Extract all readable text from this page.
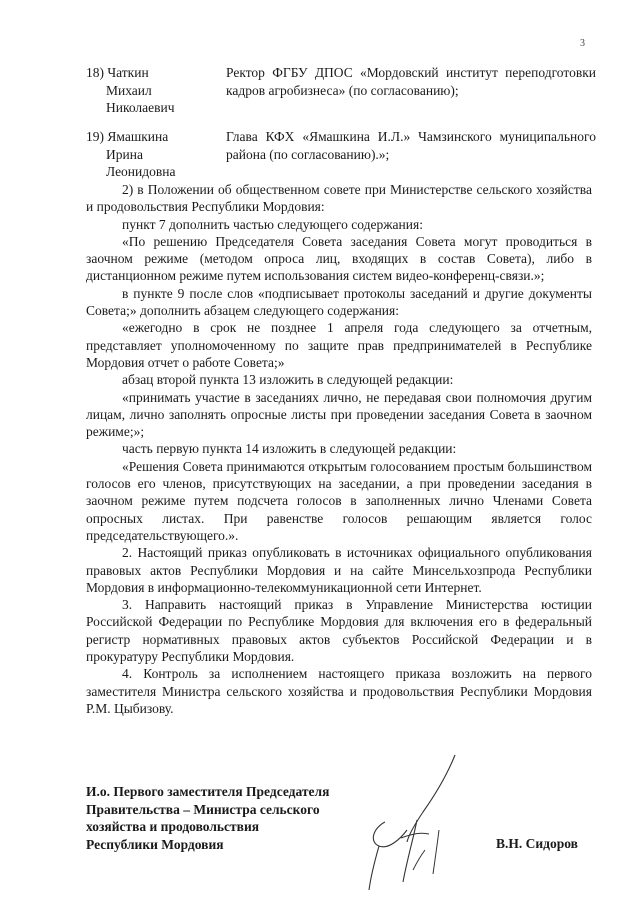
3
18) Чаткин
Михаил
Николаевич
Ректор ФГБУ ДПОС «Мордовский институт переподготовки кадров агробизнеса» (по согласованию);
19) Ямашкина
Ирина
Леонидовна
Глава КФХ «Ямашкина И.Л.» Чамзинского муниципального района (по согласованию).»;

2) в Положении об общественном совете при Министерстве сельского хозяйства и продовольствия Республики Мордовия:

пункт 7 дополнить частью следующего содержания:

«По решению Председателя Совета заседания Совета могут проводиться в заочном режиме (методом опроса лиц, входящих в состав Совета), либо в дистанционном режиме путем использования систем видео-конференц-связи.»;

в пункте 9 после слов «подписывает протоколы заседаний и другие документы Совета;» дополнить абзацем следующего содержания:

«ежегодно в срок не позднее 1 апреля года следующего за отчетным, представляет уполномоченному по защите прав предпринимателей в Республике Мордовия отчет о работе Совета;»

абзац второй пункта 13 изложить в следующей редакции:

«принимать участие в заседаниях лично, не передавая свои полномочия другим лицам, лично заполнять опросные листы при проведении заседания Совета в заочном режиме;»;

часть первую пункта 14 изложить в следующей редакции:

«Решения Совета принимаются открытым голосованием простым большинством голосов его членов, присутствующих на заседании, а при проведении заседания в заочном режиме путем подсчета голосов в заполненных лично Членами Совета опросных листах. При равенстве голосов решающим является голос председательствующего.».

2. Настоящий приказ опубликовать в источниках официального опубликования правовых актов Республики Мордовия и на сайте Минсельхозпрода Республики Мордовия в информационно-телекоммуникационной сети Интернет.

3. Направить настоящий приказ в Управление Министерства юстиции Российской Федерации по Республике Мордовия для включения его в федеральный регистр нормативных правовых актов субъектов Российской Федерации и в прокуратуру Республики Мордовия.

4. Контроль за исполнением настоящего приказа возложить на первого заместителя Министра сельского хозяйства и продовольствия Республики Мордовия Р.М. Цыбизову.

И.о. Первого заместителя Председателя
Правительства – Министра сельского
хозяйства и продовольствия
Республики Мордовия	В.Н. Сидоров
